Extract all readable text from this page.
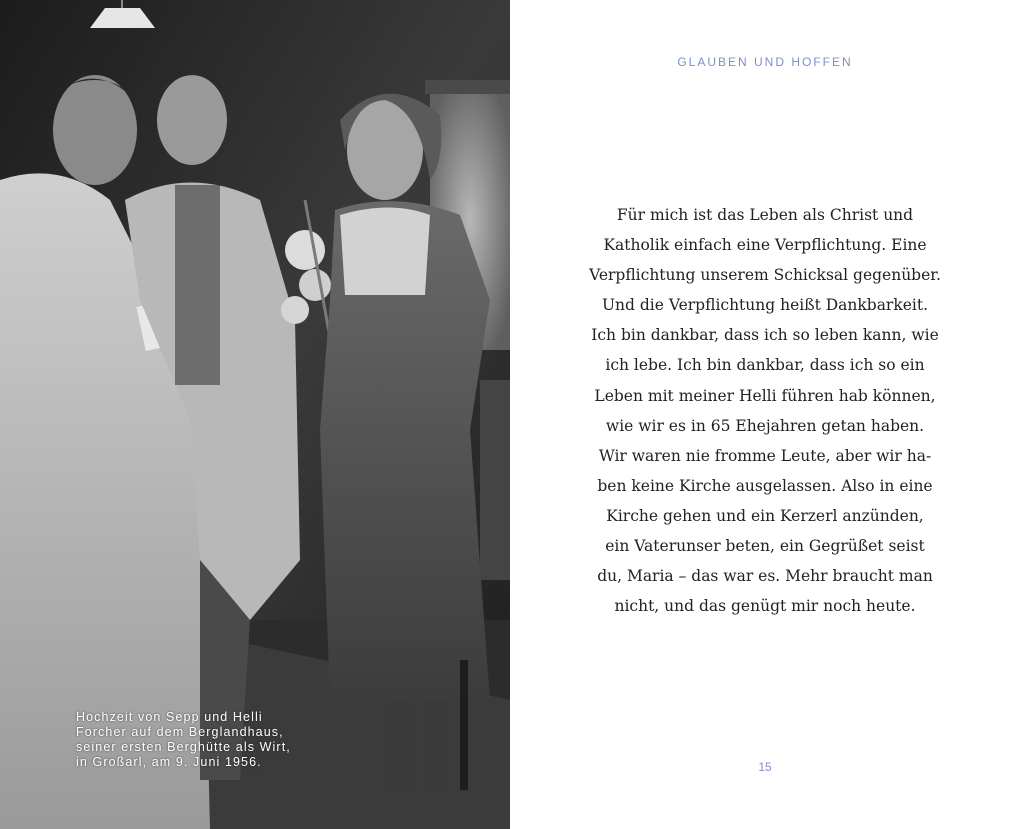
Hochzeit von Sepp und Helli
Forcher auf dem Berglandhaus,
seiner ersten Berghütte als Wirt,
in Großarl, am 9. Juni 1956.
GLAUBEN UND HOFFEN
Für mich ist das Leben als Christ und
Katholik einfach eine Verpflichtung. Eine
Verpflichtung unserem Schicksal gegenüber.
Und die Verpflichtung heißt Dankbarkeit.
Ich bin dankbar, dass ich so leben kann, wie
ich lebe. Ich bin dankbar, dass ich so ein
Leben mit meiner Helli führen hab können,
wie wir es in 65 Ehejahren getan haben.
Wir waren nie fromme Leute, aber wir ha-
ben keine Kirche ausgelassen. Also in eine
Kirche gehen und ein Kerzerl anzünden,
ein Vaterunser beten, ein Gegrüßet seist
du, Maria – das war es. Mehr braucht man
nicht, und das genügt mir noch heute.
15
